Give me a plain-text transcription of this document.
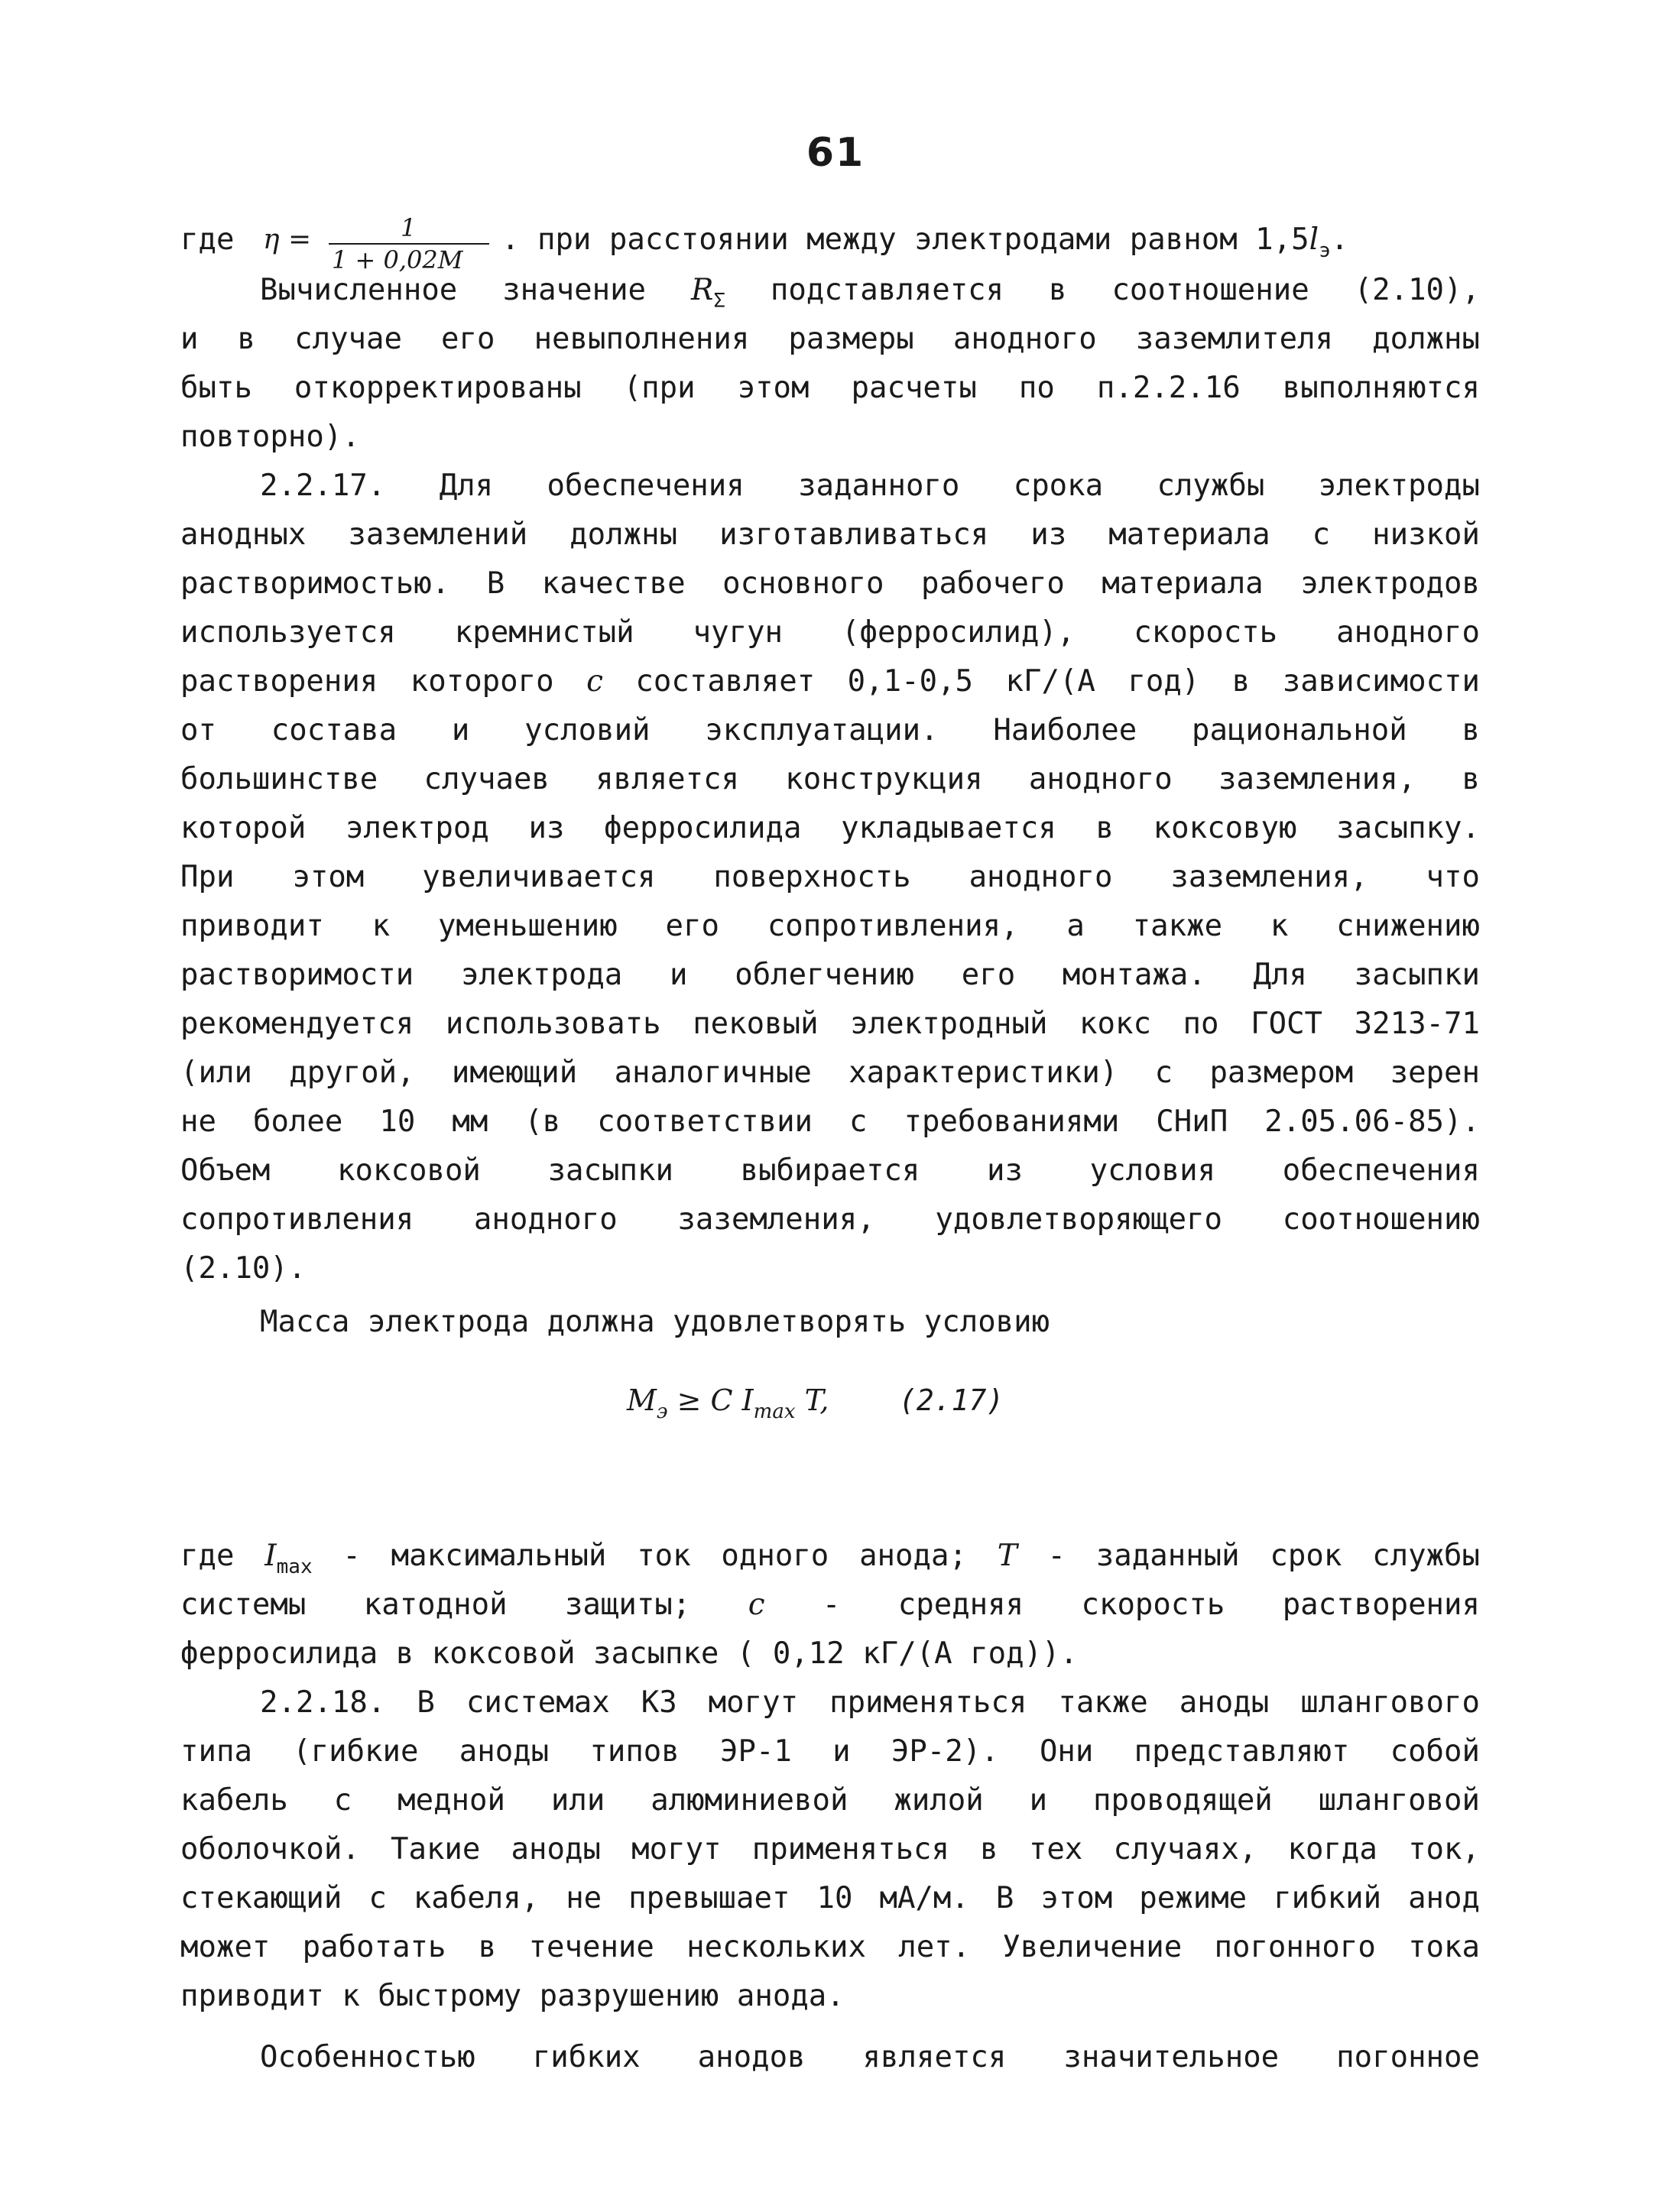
61
где η =	1
1 + 0,02M
. при расстоянии между электродами равном $1,5l_э$.
Вычисленное значение $R_\Sigma$ подставляется в соотношение (2.10),
и в случае его невыполнения размеры анодного заземлителя должны
быть откорректированы (при этом расчеты по п.2.2.16 выполняются
повторно).
2.2.17. Для обеспечения заданного срока службы электроды
анодных заземлений должны изготавливаться из материала с низкой
растворимостью. В качестве основного рабочего материала электродов
используется кремнистый чугун (ферросилид), скорость анодного
растворения которого c составляет 0,1-0,5 кГ/(А год) в зависимости
от состава и условий эксплуатации. Наиболее рациональной в
большинстве случаев является конструкция анодного заземления, в
которой электрод из ферросилида укладывается в коксовую засыпку.
При этом увеличивается поверхность анодного заземления, что
приводит к уменьшению его сопротивления, а также к снижению
растворимости электрода и облегчению его монтажа. Для засыпки
рекомендуется использовать пековый электродный кокс по ГОСТ 3213-71
(или другой, имеющий аналогичные характеристики) с размером зерен
не более 10 мм (в соответствии с требованиями СНиП 2.05.06-85).
Объем коксовой засыпки выбирается из условия обеспечения
сопротивления анодного заземления, удовлетворяющего соотношению
(2.10).
Масса электрода должна удовлетворять условию
$M_э \ge C$ $I_{max}$ T, (2.17)
где $I_{max}$ - максимальный ток одного анода; T - заданный срок службы
системы катодной защиты; c - средняя скорость растворения
ферросилида в коксовой засыпке ( 0,12 кГ/(А год)).
2.2.18. В системах КЗ могут применяться также аноды шлангового
типа (гибкие аноды типов ЭР-1 и ЭР-2). Они представляют собой
кабель с медной или алюминиевой жилой и проводящей шланговой
оболочкой. Такие аноды могут применяться в тех случаях, когда ток,
стекающий с кабеля, не превышает 10 мА/м. В этом режиме гибкий анод
может работать в течение нескольких лет. Увеличение погонного тока
приводит к быстрому разрушению анода.
Особенностью гибких анодов является значительное погонное
